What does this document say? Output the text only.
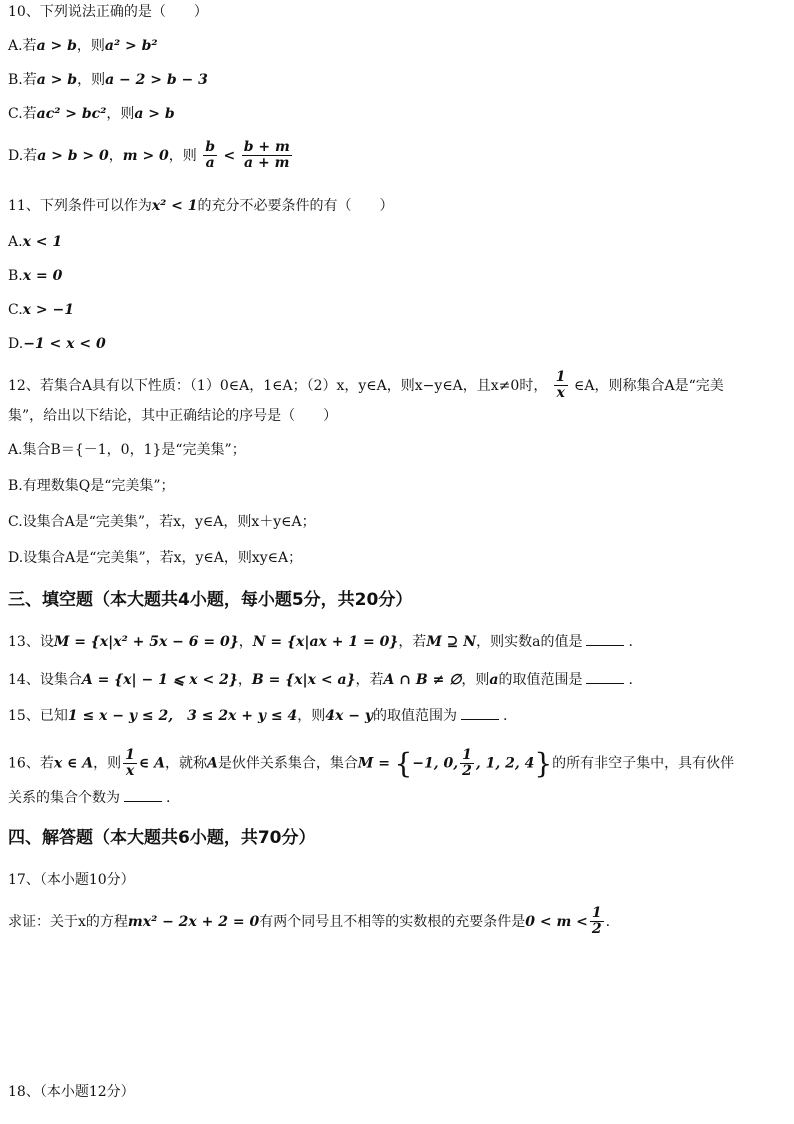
10、下列说法正确的是（　　）
A.若a > b，则a² > b²
B.若a > b，则a − 2 > b − 3
C.若ac² > bc²，则a > b
D.若a > b > 0，m > 0，则 $\frac{b}{a} < \frac{b + m}{a + m}$
11、下列条件可以作为x² < 1的充分不必要条件的有（　　）
A.x < 1
B.x = 0
C.x > −1
D.−1 < x < 0
12、若集合A具有以下性质：（1）0∈A，1∈A；（2）x，y∈A，则x−y∈A，且x≠0时， $\frac{1}{x}$ ∈A，则称集合A是“完美
集”，给出以下结论，其中正确结论的序号是（　　）
A.集合B＝{－1，0，1}是“完美集”；
B.有理数集Q是“完美集”；
C.设集合A是“完美集”，若x，y∈A，则x＋y∈A；
D.设集合A是“完美集”，若x，y∈A，则xy∈A；
三、填空题（本大题共4小题，每小题5分，共20分）
13、设M = {x|x² + 5x − 6 = 0}，N = {x|ax + 1 = 0}，若M ⊇ N，则实数a的值是	.
14、设集合A = {x| − 1 ⩽ x < 2}，B = {x|x < a}，若A ∩ B ≠ ∅，则a的取值范围是	.
15、已知1 ≤ x − y ≤ 2,　3 ≤ 2x + y ≤ 4，则4x − y的取值范围为	.
16、若x ∈ A，则 $\frac{1}{x}$ ∈ A，就称A是伙伴关系集合，集合M = {−1, 0, $\frac{1}{2}$ , 1, 2, 4}的所有非空子集中，具有伙伴
关系的集合个数为	.
四、解答题（本大题共6小题，共70分）
17、（本小题10分）
求证：关于x的方程mx² − 2x + 2 = 0有两个同号且不相等的实数根的充要条件是$0 < m < \frac{1}{2}$ .
18、（本小题12分）
